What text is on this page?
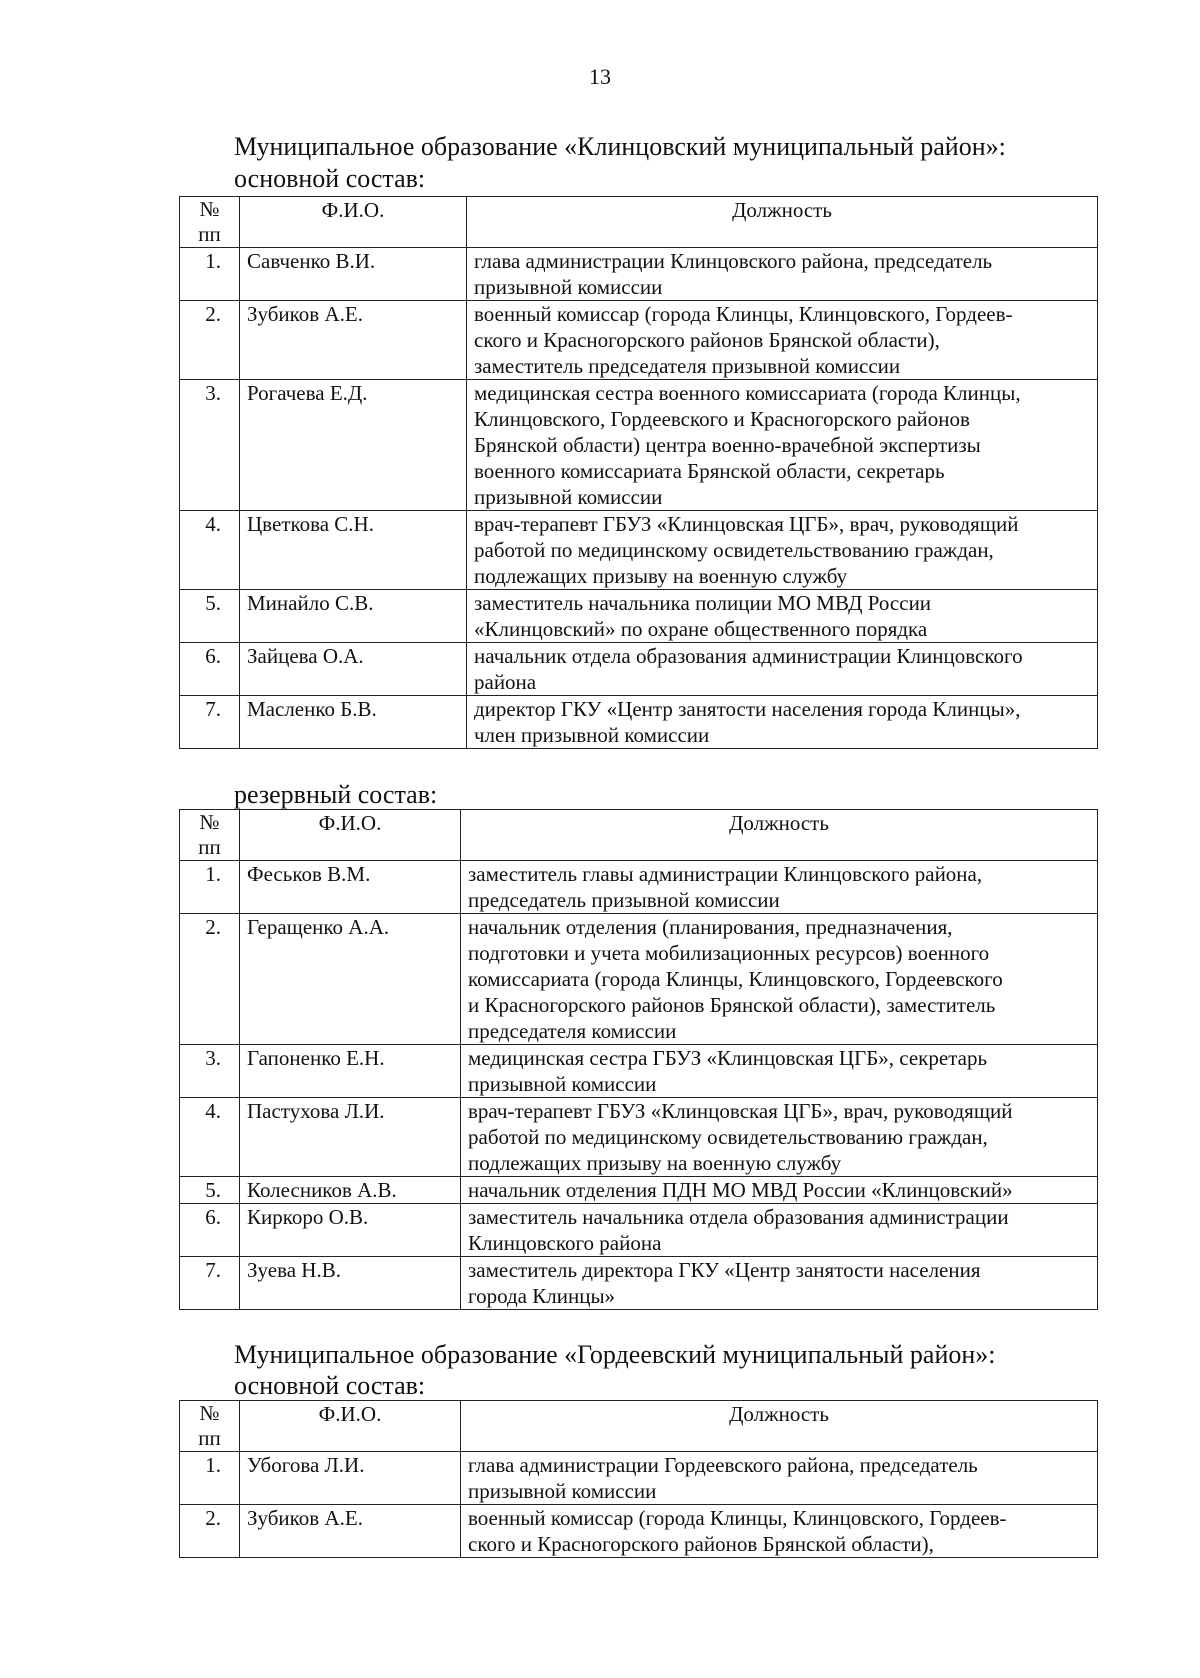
13
Муниципальное образование «Клинцовский муниципальный район»:
основной состав:
№
пп	Ф.И.О.	Должность
1.	Савченко В.И.	глава администрации Клинцовского района, председатель
призывной комиссии

2.	Зубиков А.Е.	военный комиссар (города Клинцы, Клинцовского, Гордеев-
ского и Красногорского районов Брянской области),
заместитель председателя призывной комиссии

3.	Рогачева Е.Д.	медицинская сестра военного комиссариата (города Клинцы,
Клинцовского, Гордеевского и Красногорского районов
Брянской области) центра военно-врачебной экспертизы
военного комиссариата Брянской области, секретарь
призывной комиссии

4.	Цветкова С.Н.	врач-терапевт ГБУЗ «Клинцовская ЦГБ», врач, руководящий
работой по медицинскому освидетельствованию граждан,
подлежащих призыву на военную службу

5.	Минайло С.В.	заместитель начальника полиции МО МВД России
«Клинцовский» по охране общественного порядка

6.	Зайцева О.А.	начальник отдела образования администрации Клинцовского
района

7.	Масленко Б.В.	директор ГКУ «Центр занятости населения города Клинцы»,
член призывной комиссии
резервный состав:
№
пп	Ф.И.О.	Должность
1.	Феськов В.М.	заместитель главы администрации Клинцовского района,
председатель призывной комиссии

2.	Геращенко А.А.	начальник отделения (планирования, предназначения,
подготовки и учета мобилизационных ресурсов) военного
комиссариата (города Клинцы, Клинцовского, Гордеевского
и Красногорского районов Брянской области), заместитель
председателя комиссии

3.	Гапоненко Е.Н.	медицинская сестра ГБУЗ «Клинцовская ЦГБ», секретарь
призывной комиссии

4.	Пастухова Л.И.	врач-терапевт ГБУЗ «Клинцовская ЦГБ», врач, руководящий
работой по медицинскому освидетельствованию граждан,
подлежащих призыву на военную службу

5.	Колесников А.В.	начальник отделения ПДН МО МВД России «Клинцовский»

6.	Киркоро О.В.	заместитель начальника отдела образования администрации
Клинцовского района

7.	Зуева Н.В.	заместитель директора ГКУ «Центр занятости населения
города Клинцы»
Муниципальное образование «Гордеевский муниципальный район»:
основной состав:
№
пп	Ф.И.О.	Должность
1.	Убогова Л.И.	глава администрации Гордеевского района, председатель
призывной комиссии

2.	Зубиков А.Е.	военный комиссар (города Клинцы, Клинцовского, Гордеев-
ского и Красногорского районов Брянской области),
